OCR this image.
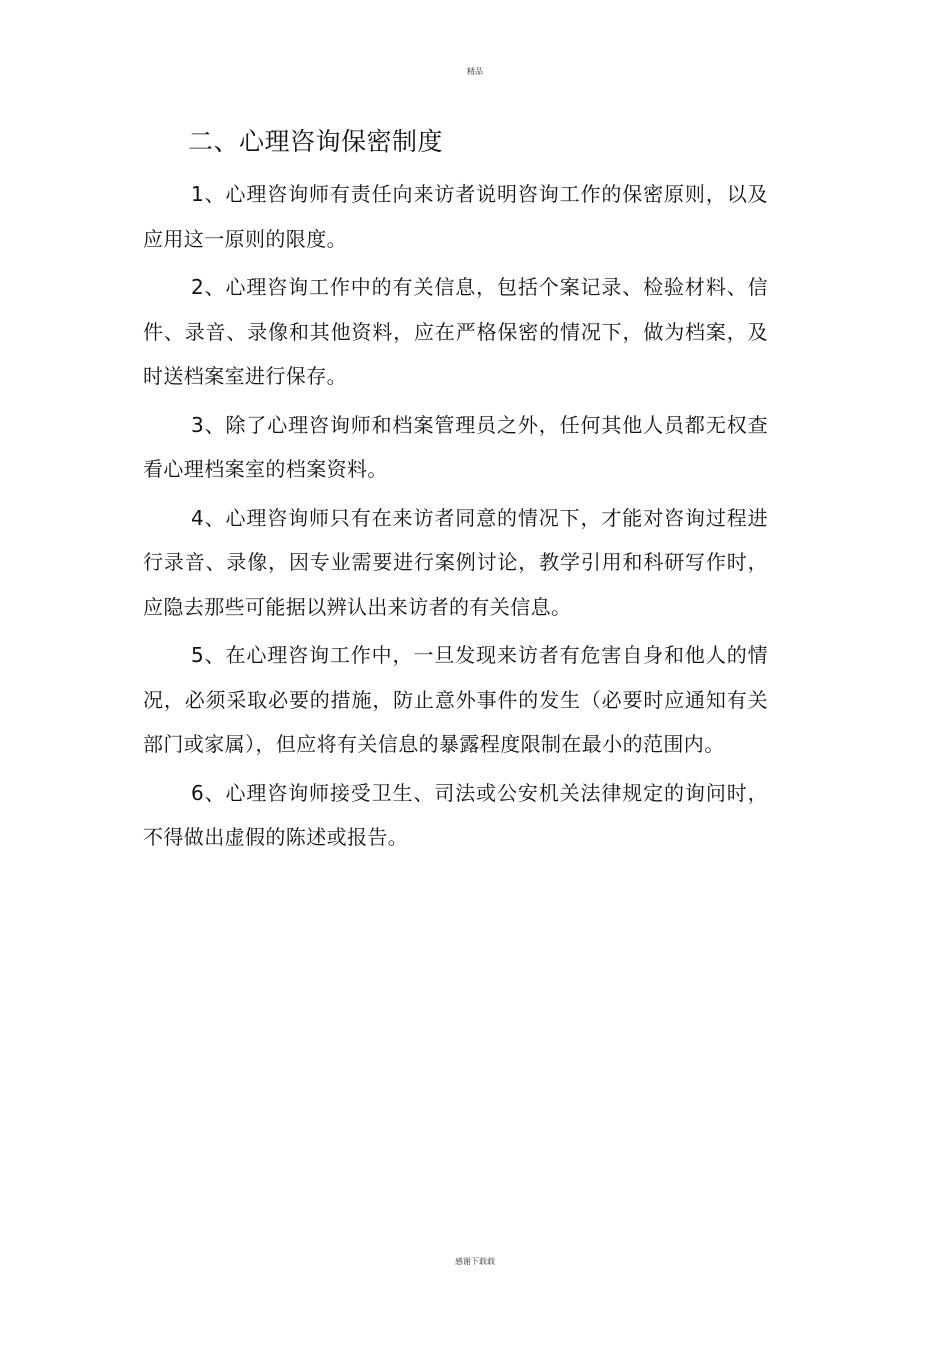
精品
二、心理咨询保密制度

1、心理咨询师有责任向来访者说明咨询工作的保密原则，以及应用这一原则的限度。

2、心理咨询工作中的有关信息，包括个案记录、检验材料、信件、录音、录像和其他资料，应在严格保密的情况下，做为档案，及时送档案室进行保存。

3、除了心理咨询师和档案管理员之外，任何其他人员都无权查看心理档案室的档案资料。

4、心理咨询师只有在来访者同意的情况下，才能对咨询过程进行录音、录像，因专业需要进行案例讨论，教学引用和科研写作时，应隐去那些可能据以辨认出来访者的有关信息。

5、在心理咨询工作中，一旦发现来访者有危害自身和他人的情况，必须采取必要的措施，防止意外事件的发生（必要时应通知有关部门或家属），但应将有关信息的暴露程度限制在最小的范围内。

6、心理咨询师接受卫生、司法或公安机关法律规定的询问时，不得做出虚假的陈述或报告。

感谢下载载
